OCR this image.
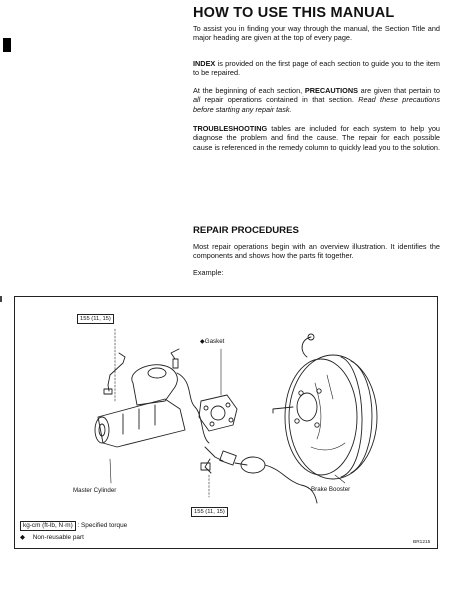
HOW TO USE THIS MANUAL

To assist you in finding your way through the manual, the Section Title and major heading are given at the top of every page.

INDEX is provided on the first page of each section to guide you to the item to be repaired.

At the beginning of each section, PRECAUTIONS are given that pertain to all repair operations contained in that section. Read these precautions before starting any repair task.

TROUBLESHOOTING tables are included for each system to help you diagnose the problem and find the cause. The repair for each possible cause is referenced in the remedy column to quickly lead you to the solution.

REPAIR PROCEDURES

Most repair operations begin with an overview illustration. It identifies the components and shows how the parts fit together.

Example:

BR1215
155 (11, 15)
◆Gasket
Master Cylinder	Brake Booster
155 (11, 15)
kg-cm (ft-lb, N·m) : Specified torque
◆ Non-reusable part
